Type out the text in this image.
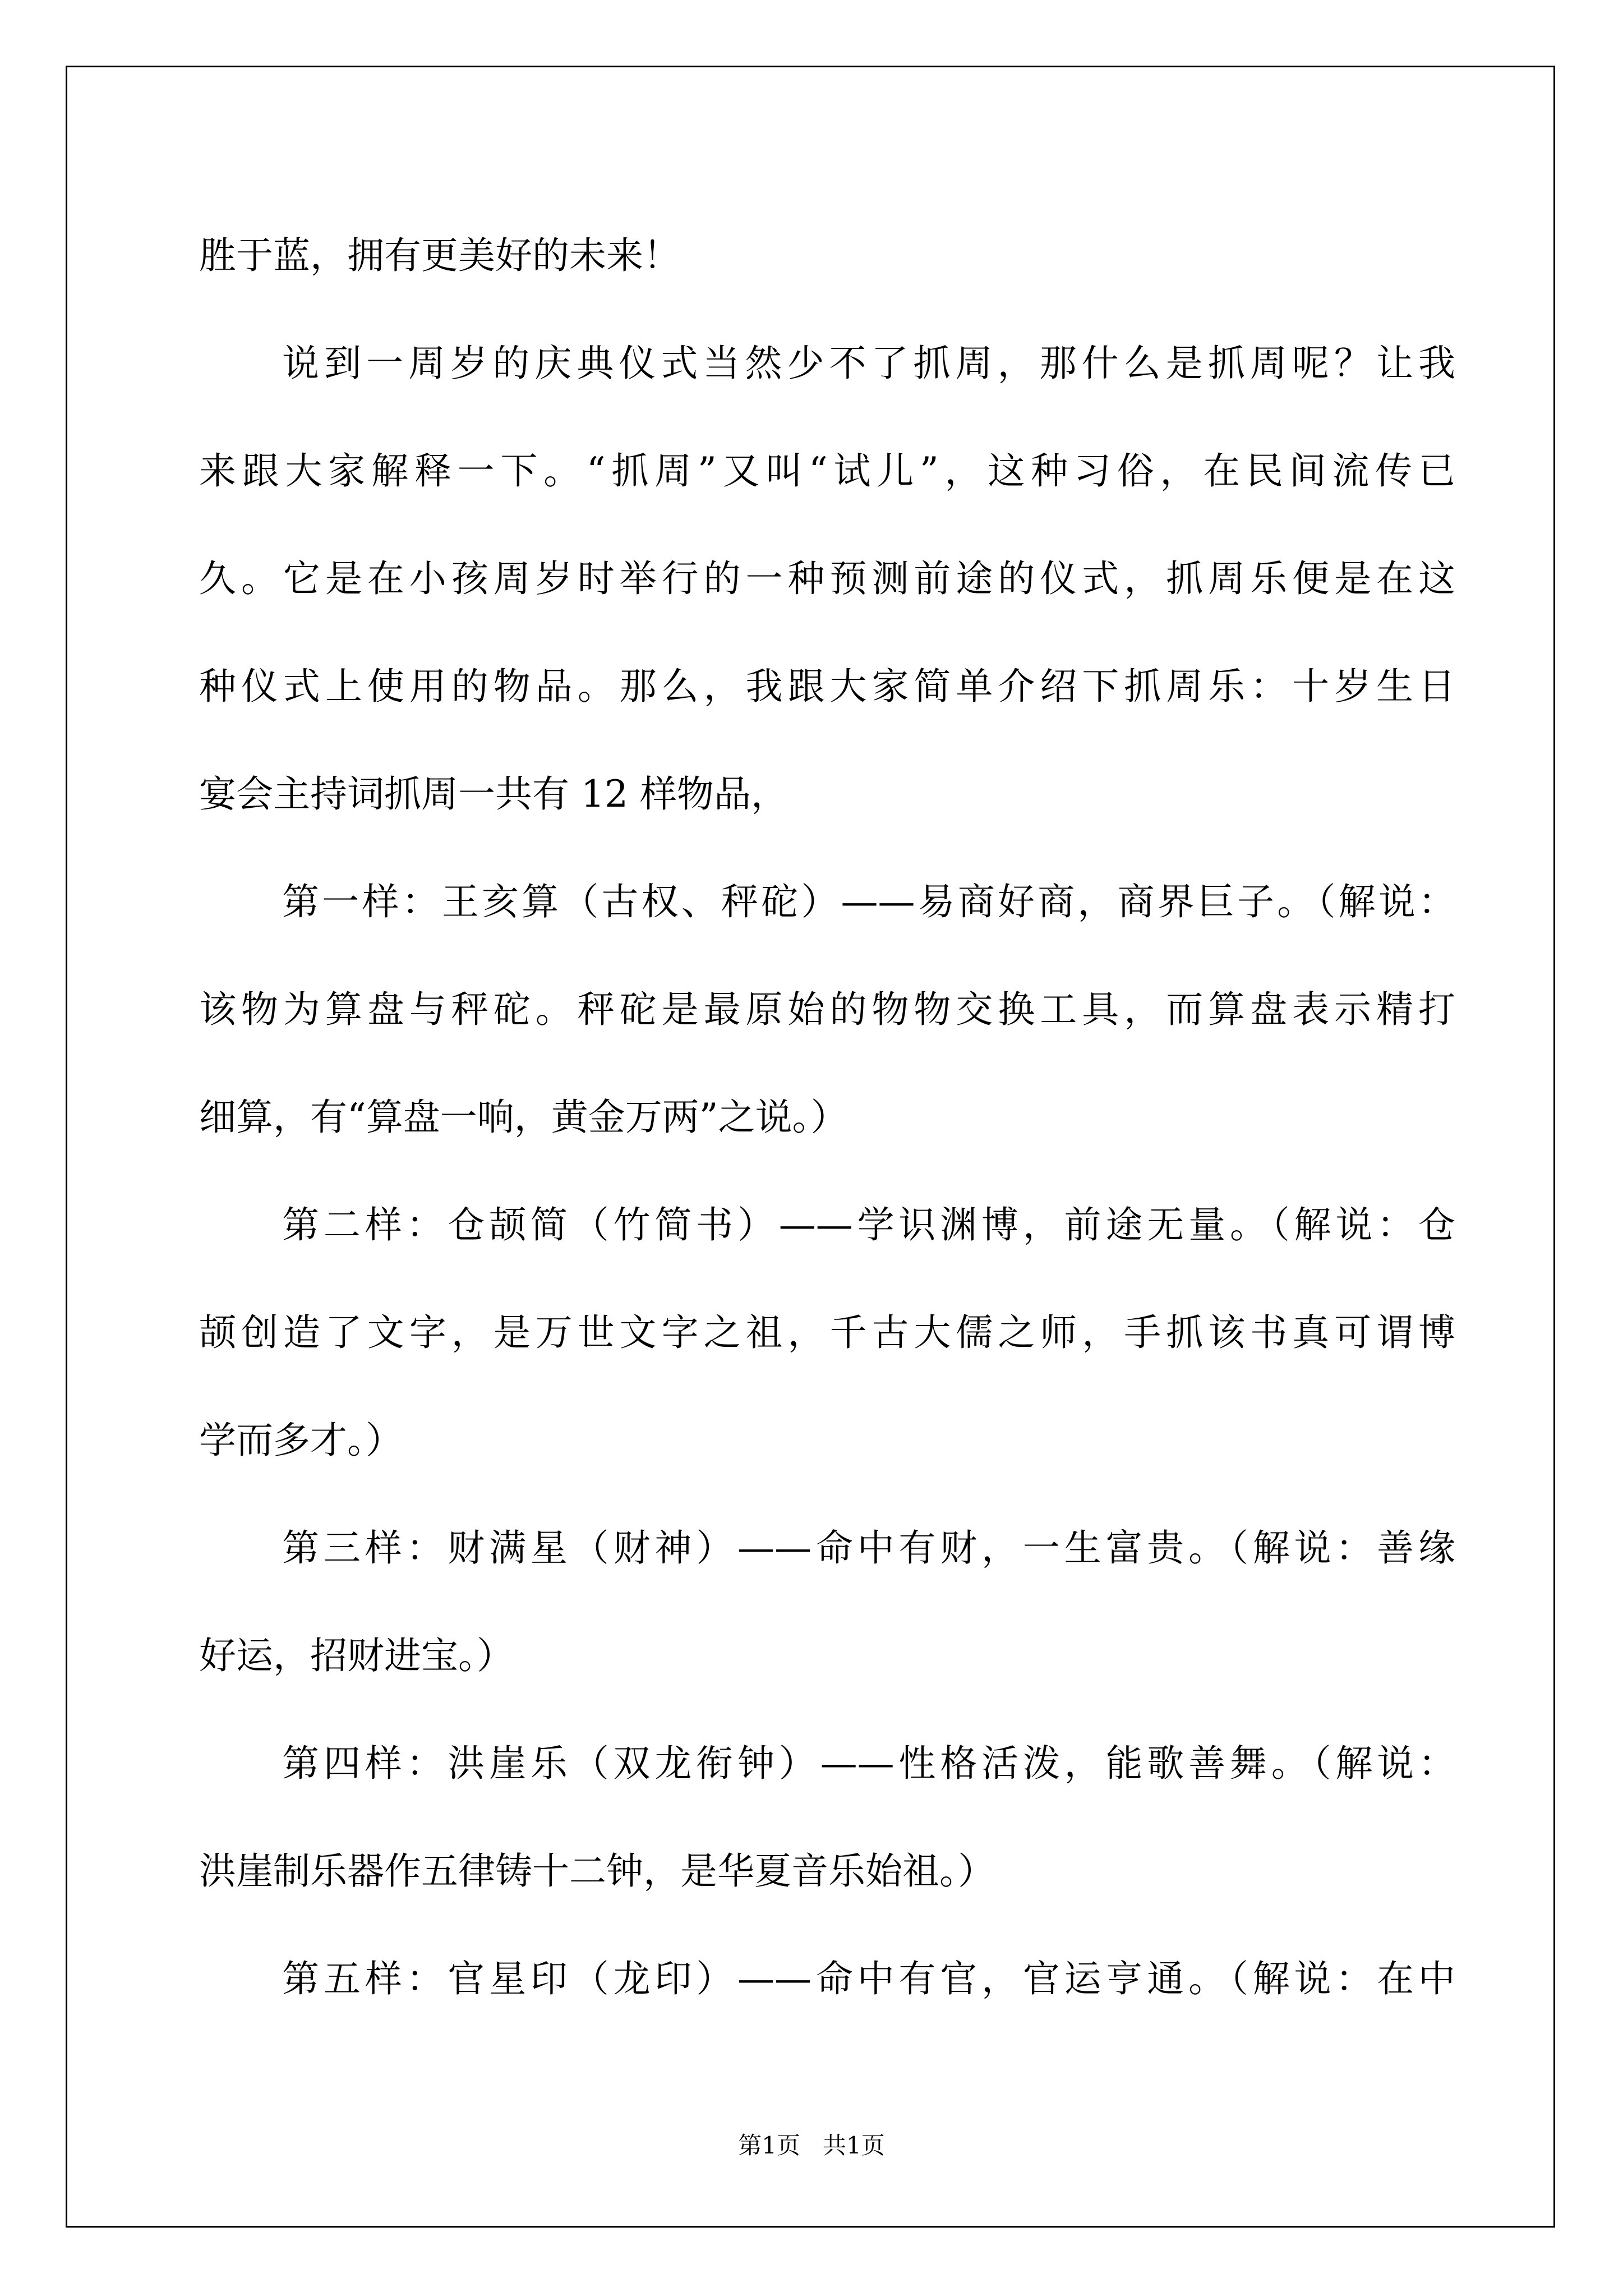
胜于蓝，拥有更美好的未来！

说到一周岁的庆典仪式当然少不了抓周，那什么是抓周呢？让我
来跟大家解释一下。“抓周”又叫“试儿”，这种习俗，在民间流传已
久。它是在小孩周岁时举行的一种预测前途的仪式，抓周乐便是在这
种仪式上使用的物品。那么，我跟大家简单介绍下抓周乐：十岁生日
宴会主持词抓周一共有 12 样物品，

第一样：王亥算（古权、秤砣）——易商好商，商界巨子。（解说：
该物为算盘与秤砣。秤砣是最原始的物物交换工具，而算盘表示精打
细算，有“算盘一响，黄金万两”之说。）

第二样：仓颉简（竹简书）——学识渊博，前途无量。（解说：仓
颉创造了文字，是万世文字之祖，千古大儒之师，手抓该书真可谓博
学而多才。）

第三样：财满星（财神）——命中有财，一生富贵。（解说：善缘
好运，招财进宝。）

第四样：洪崖乐（双龙衔钟）——性格活泼，能歌善舞。（解说：
洪崖制乐器作五律铸十二钟，是华夏音乐始祖。）

第五样：官星印（龙印）——命中有官，官运亨通。（解说：在中

第1页 共1页
